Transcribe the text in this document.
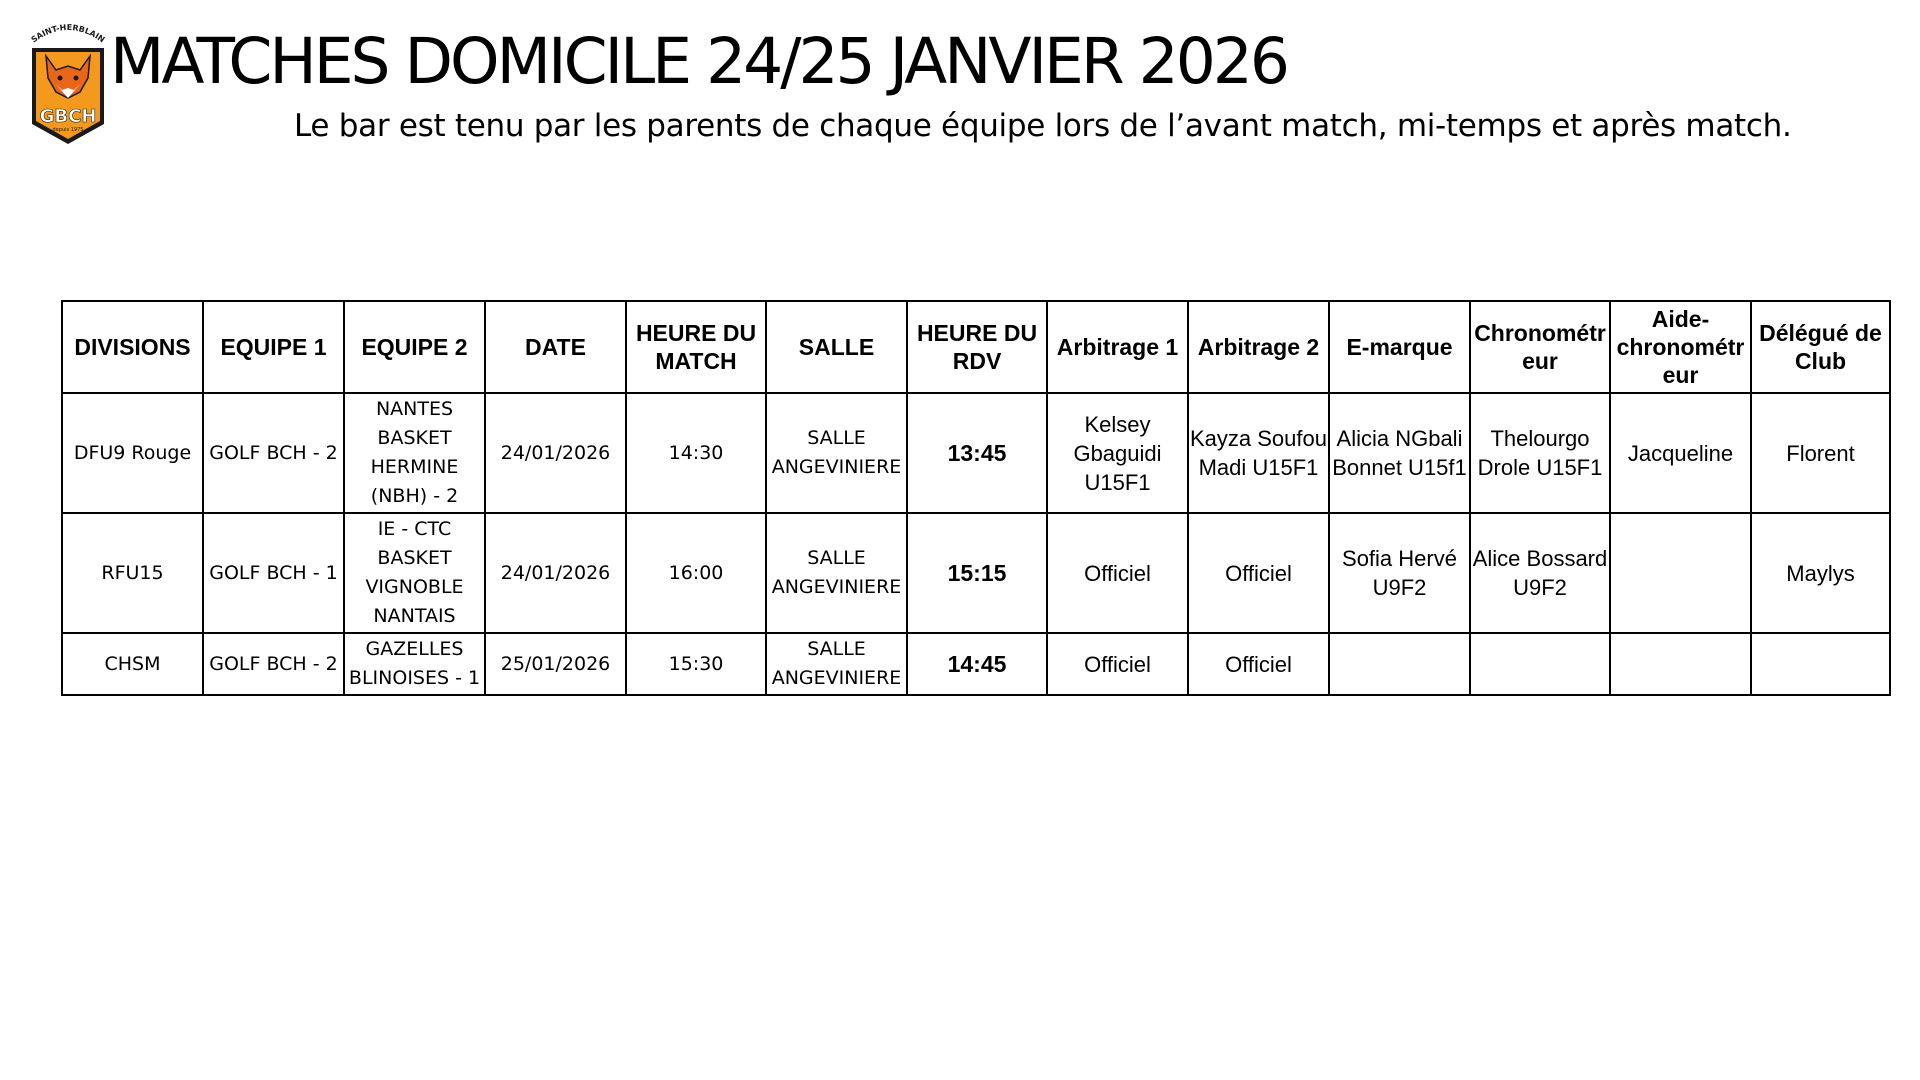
SAINT-HERBLAIN
GBCH
depuis 1975
MATCHES DOMICILE 24/25 JANVIER 2026
Le bar est tenu par les parents de chaque équipe lors de l’avant match, mi-temps et après match.
DIVISIONS	EQUIPE 1	EQUIPE 2	DATE	HEURE DU MATCH	SALLE	HEURE DU RDV	Arbitrage 1	Arbitrage 2	E-marque	Chronométr eur	Aide-chronométr eur	Délégué de Club
DFU9 Rouge	GOLF BCH - 2	NANTES BASKET HERMINE (NBH) - 2	24/01/2026	14:30	SALLE ANGEVINIERE	13:45	Kelsey Gbaguidi U15F1	Kayza Soufou Madi U15F1	Alicia NGbali Bonnet U15f1	Thelourgo Drole U15F1	Jacqueline	Florent
RFU15	GOLF BCH - 1	IE - CTC BASKET VIGNOBLE NANTAIS	24/01/2026	16:00	SALLE ANGEVINIERE	15:15	Officiel	Officiel	Sofia Hervé U9F2	Alice Bossard U9F2		Maylys
CHSM	GOLF BCH - 2	GAZELLES BLINOISES - 1	25/01/2026	15:30	SALLE ANGEVINIERE	14:45	Officiel	Officiel				
